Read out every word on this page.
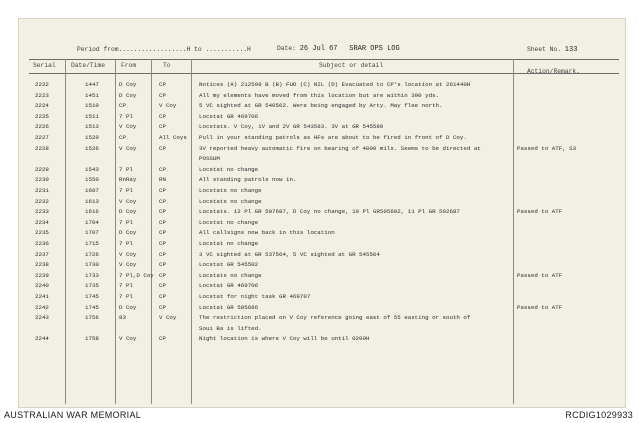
Period from..................H to ...........H	Date: 26 Jul 67 SRAR OPS LOG	Sheet No. 133
Serial Date/Time	From	To	Subject or detail
Action/Remark.
2222	1447	D Coy	CP	Notices (A) 212599 B (B) FUO (C) NIL (D) Evacuated to CP's location at 261440H
2223	1451	D Coy	CP	All my elements have moved from this location but are within 300 yds.
2224	1510	CP	V Coy	5 VC sighted at GR 540562. Were being engaged by Arty. May flee north.
2225	1511	7 Pl	CP	Locstat GR 469706
2226	1513	V Coy	CP	Locstats. V Coy, 1V and 2V GR 543583. 3V at GR 545580
2227	1520	CP	All Coys Pull in your standing patrols as HFs are about to be fired in front of D Coy.
2228	1526	V Coy	CP	3V reported heavy automatic fire on bearing of 4000 mils. Seems to be directed at	Passed to ATF, S3
POSSUM
2229	1543	7 Pl	CP	Locstat no change
2230	1550	RnRay	RN	All standing patrols now in.
2231	1607	7 Pl	CP	Locstats no change
2232	1613	V Coy	CP	Locstats no change
2233	1616	D Coy	CP	Locstats. 12 Pl GR 507687, D Coy no change, 10 Pl GR505692, 11 Pl GR 502687	Passed to ATF
2234	1704	7 Pl	CP	Locstat no change
2235	1707	D Coy	CP	All callsigns now back in this location
2236	1715	7 Pl	CP	Locstat no change
2237	1726	V Coy	CP	3 VC sighted at GR 537564, 5 VC sighted at GR 545564
2238	1730	V Coy	CP	Locstat GR 545502
2239	1733	7 Pl,D Coy CP	Locstats no change	Passed to ATF
2240	1735	7 Pl	CP	Locstat GR 469706
2241	1745	7 Pl	CP	Locstat for night task GR 469707
2242	1745	D Coy	CP	Locstat GR 505686	Passed to ATF
2243	1756	83	V Coy	The restriction placed on V Coy reference going east of 55 easting or south of
Soui Ba is lifted.
2244	1758	V Coy	CP	Night location is where V Coy will be until 0200H
AUSTRALIAN WAR MEMORIAL	RCDIG1029933
